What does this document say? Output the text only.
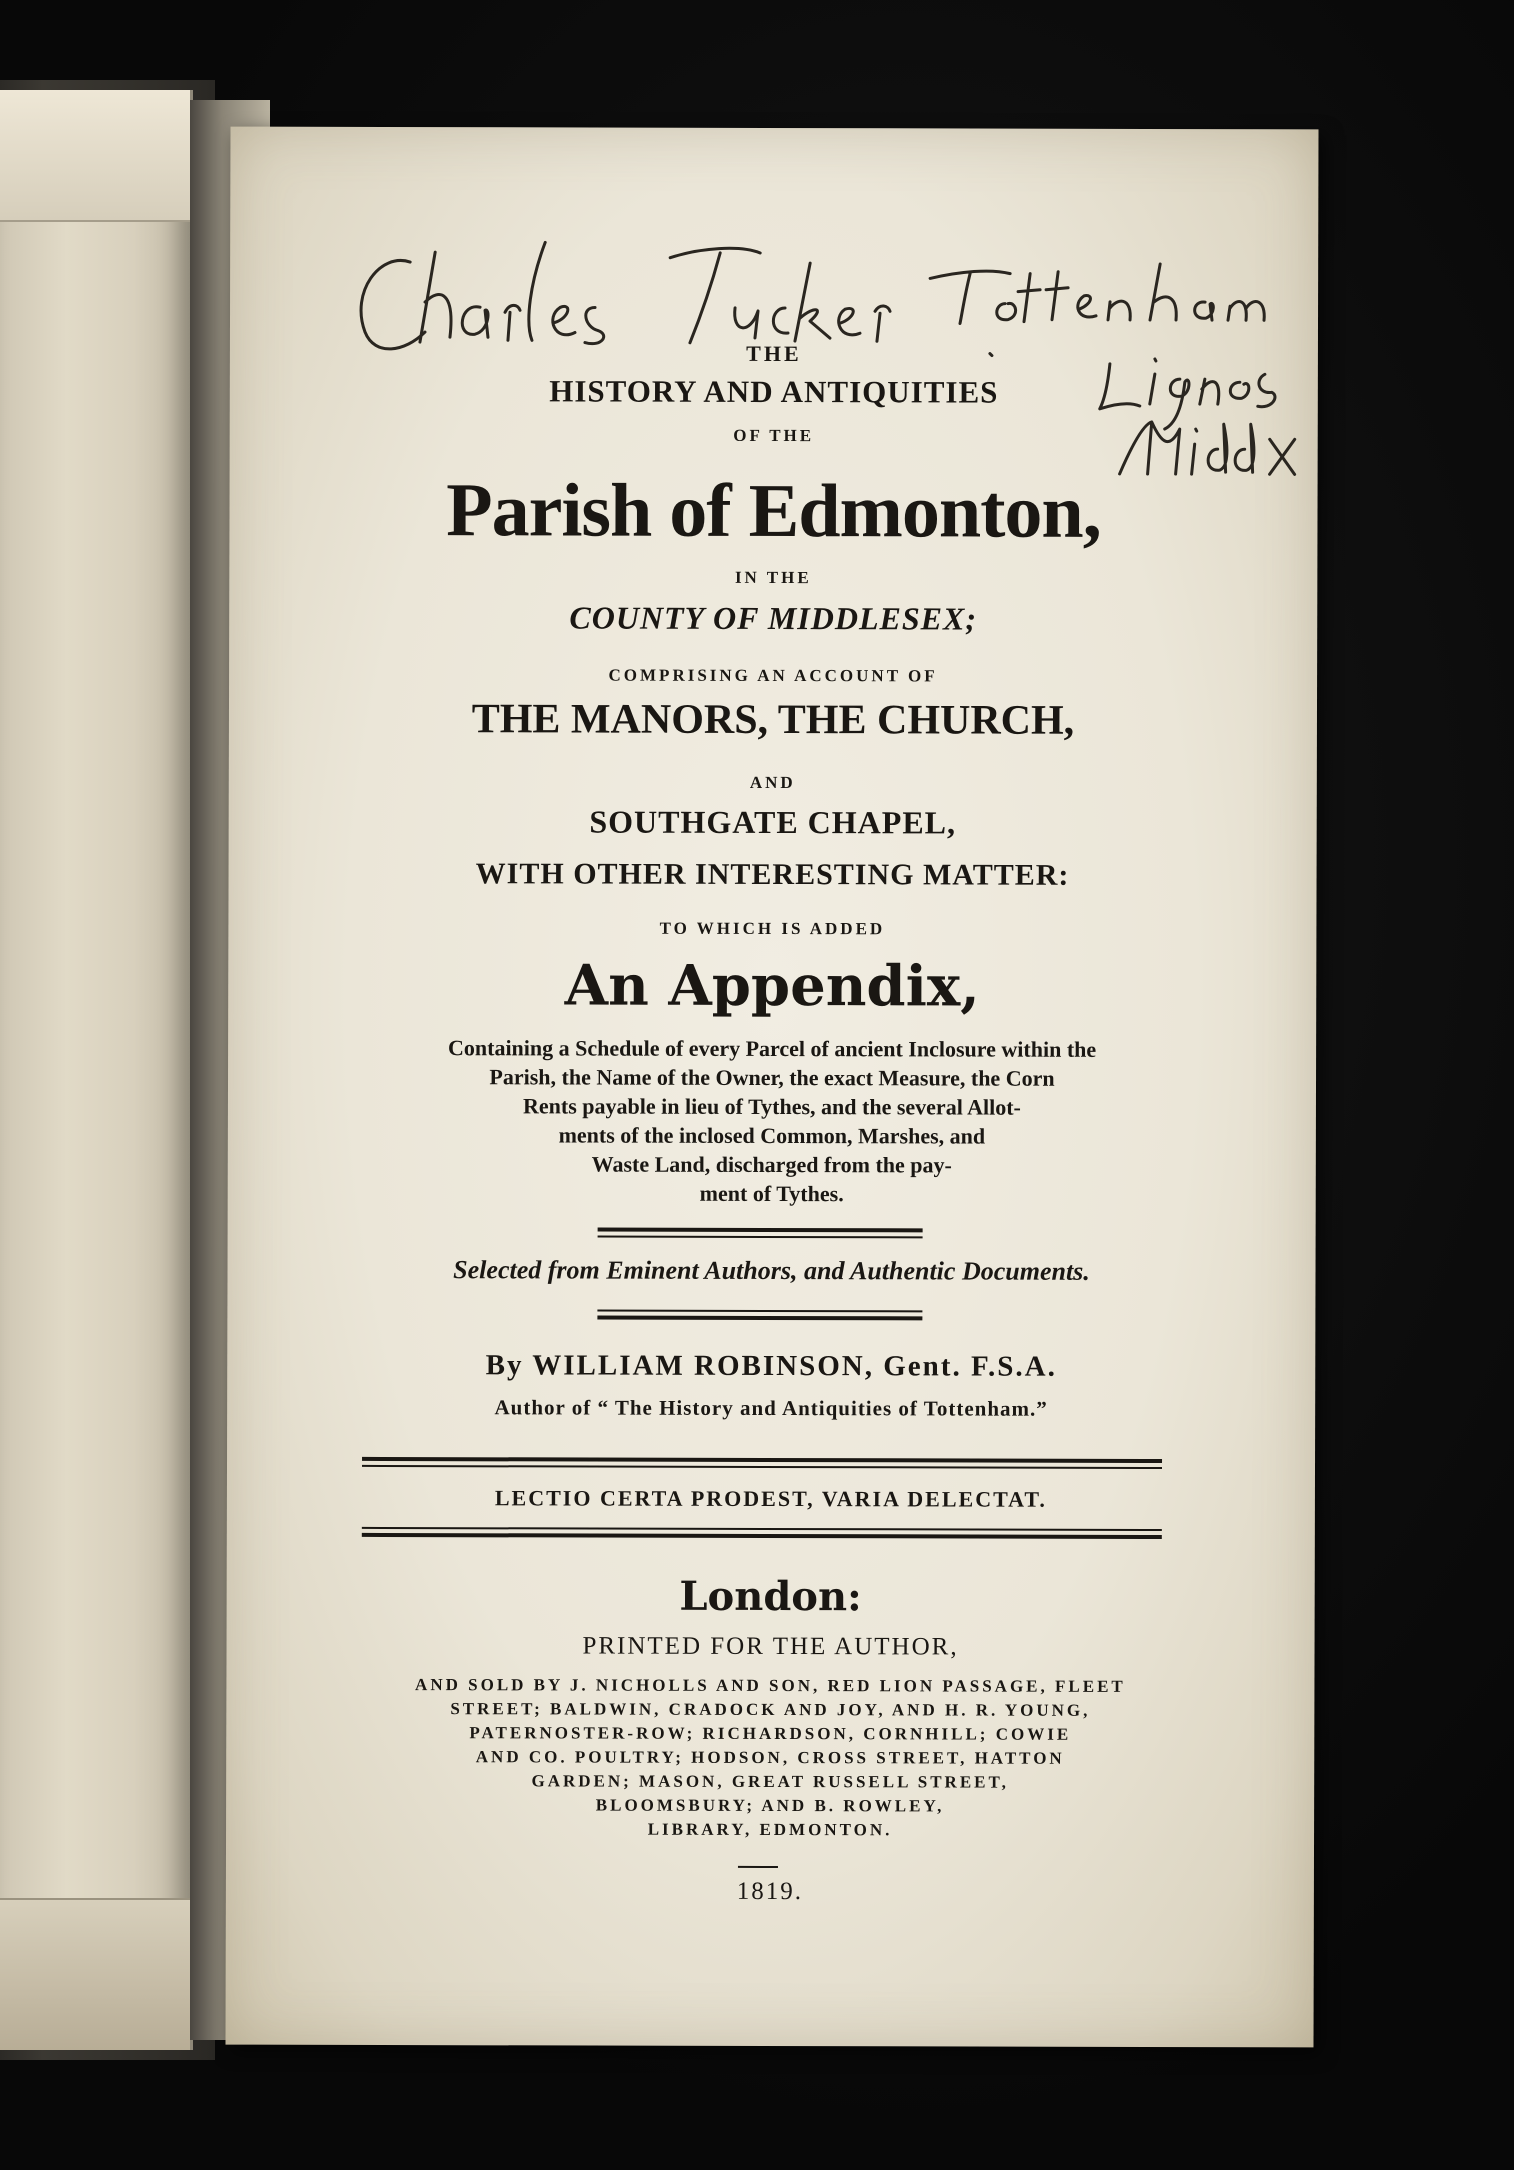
THE
HISTORY AND ANTIQUITIES
OF THE
Parish of Edmonton,
IN THE
COUNTY OF MIDDLESEX;
COMPRISING AN ACCOUNT OF
THE MANORS, THE CHURCH,
AND
SOUTHGATE CHAPEL,
WITH OTHER INTERESTING MATTER:
TO WHICH IS ADDED
An Appendix,
Containing a Schedule of every Parcel of ancient Inclosure within the
Parish, the Name of the Owner, the exact Measure, the Corn
Rents payable in lieu of Tythes, and the several Allot-
ments of the inclosed Common, Marshes, and
Waste Land, discharged from the pay-
ment of Tythes.
Selected from Eminent Authors, and Authentic Documents.
By WILLIAM ROBINSON, Gent. F.S.A.
Author of “ The History and Antiquities of Tottenham.”
LECTIO CERTA PRODEST, VARIA DELECTAT.
London:
PRINTED FOR THE AUTHOR,
AND SOLD BY J. NICHOLLS AND SON, RED LION PASSAGE, FLEET
STREET; BALDWIN, CRADOCK AND JOY, AND H. R. YOUNG,
PATERNOSTER-ROW; RICHARDSON, CORNHILL; COWIE
AND CO. POULTRY; HODSON, CROSS STREET, HATTON
GARDEN; MASON, GREAT RUSSELL STREET,
BLOOMSBURY; AND B. ROWLEY,
LIBRARY, EDMONTON.
1819.
